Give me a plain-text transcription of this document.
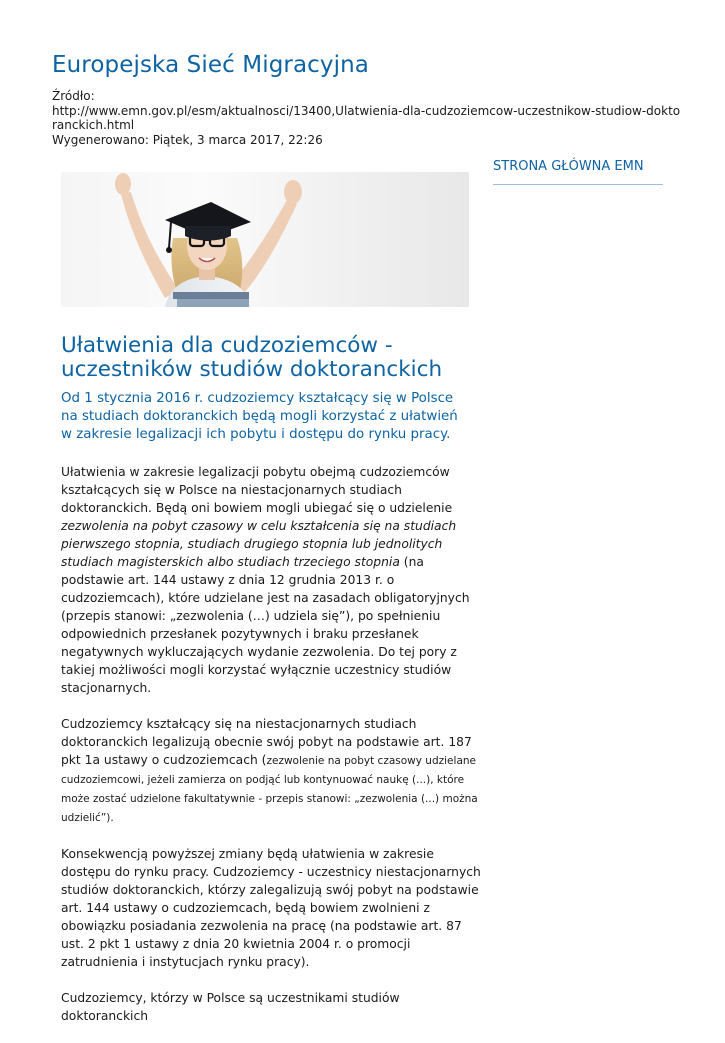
Europejska Sieć Migracyjna
Źródło:
http://www.emn.gov.pl/esm/aktualnosci/13400,Ulatwienia-dla-cudzoziemcow-uczestnikow-studiow-doktoranckich.html
Wygenerowano: Piątek, 3 marca 2017, 22:26
STRONA GŁÓWNA EMN
Ułatwienia dla cudzoziemców - uczestników studiów doktoranckich
Od 1 stycznia 2016 r. cudzoziemcy kształcący się w Polsce na studiach doktoranckich będą mogli korzystać z ułatwień w zakresie legalizacji ich pobytu i dostępu do rynku pracy.

Ułatwienia w zakresie legalizacji pobytu obejmą cudzoziemców kształcących się w Polsce na niestacjonarnych studiach doktoranckich. Będą oni bowiem mogli ubiegać się o udzielenie zezwolenia na pobyt czasowy w celu kształcenia się na studiach pierwszego stopnia, studiach drugiego stopnia lub jednolitych studiach magisterskich albo studiach trzeciego stopnia (na podstawie art. 144 ustawy z dnia 12 grudnia 2013 r. o cudzoziemcach), które udzielane jest na zasadach obligatoryjnych (przepis stanowi: „zezwolenia (…) udziela się”), po spełnieniu odpowiednich przesłanek pozytywnych i braku przesłanek negatywnych wykluczających wydanie zezwolenia. Do tej pory z takiej możliwości mogli korzystać wyłącznie uczestnicy studiów stacjonarnych.

Cudzoziemcy kształcący się na niestacjonarnych studiach doktoranckich legalizują obecnie swój pobyt na podstawie art. 187 pkt 1a ustawy o cudzoziemcach (zezwolenie na pobyt czasowy udzielane cudzoziemcowi, jeżeli zamierza on podjąć lub kontynuować naukę (...), które może zostać udzielone fakultatywnie - przepis stanowi: „zezwolenia (...) można udzielić”).

Konsekwencją powyższej zmiany będą ułatwienia w zakresie dostępu do rynku pracy. Cudzoziemcy - uczestnicy niestacjonarnych studiów doktoranckich, którzy zalegalizują swój pobyt na podstawie art. 144 ustawy o cudzoziemcach, będą bowiem zwolnieni z obowiązku posiadania zezwolenia na pracę (na podstawie art. 87 ust. 2 pkt 1 ustawy z dnia 20 kwietnia 2004 r. o promocji zatrudnienia i instytucjach rynku pracy).

Cudzoziemcy, którzy w Polsce są uczestnikami studiów doktoranckich
